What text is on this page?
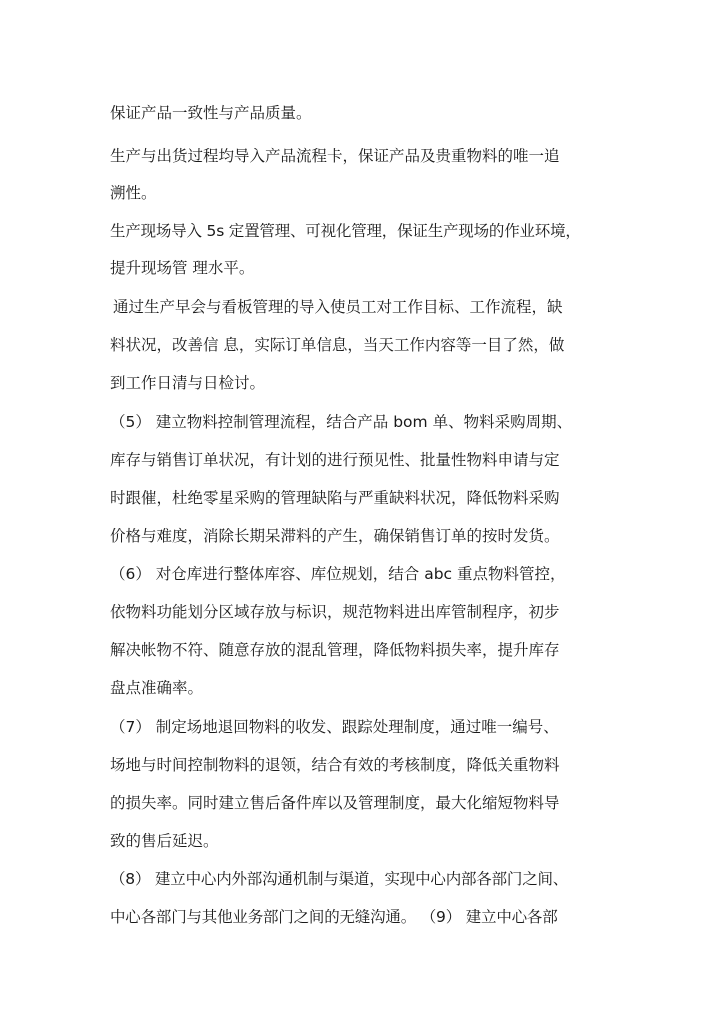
保证产品一致性与产品质量。
生产与出货过程均导入产品流程卡，保证产品及贵重物料的唯一追
溯性。
生产现场导入 5s 定置管理、可视化管理，保证生产现场的作业环境，
提升现场管 理水平。
通过生产早会与看板管理的导入使员工对工作目标、工作流程，缺
料状况，改善信 息，实际订单信息，当天工作内容等一目了然，做
到工作日清与日检讨。
（5） 建立物料控制管理流程，结合产品 bom 单、物料采购周期、
库存与销售订单状况，有计划的进行预见性、批量性物料申请与定
时跟催，杜绝零星采购的管理缺陷与严重缺料状况，降低物料采购
价格与难度，消除长期呆滞料的产生，确保销售订单的按时发货。
（6） 对仓库进行整体库容、库位规划，结合 abc 重点物料管控，
依物料功能划分区域存放与标识，规范物料进出库管制程序，初步
解决帐物不符、随意存放的混乱管理，降低物料损失率，提升库存
盘点准确率。
（7） 制定场地退回物料的收发、跟踪处理制度，通过唯一编号、
场地与时间控制物料的退领，结合有效的考核制度，降低关重物料
的损失率。同时建立售后备件库以及管理制度，最大化缩短物料导
致的售后延迟。
（8） 建立中心内外部沟通机制与渠道，实现中心内部各部门之间、
中心各部门与其他业务部门之间的无缝沟通。 （9） 建立中心各部
